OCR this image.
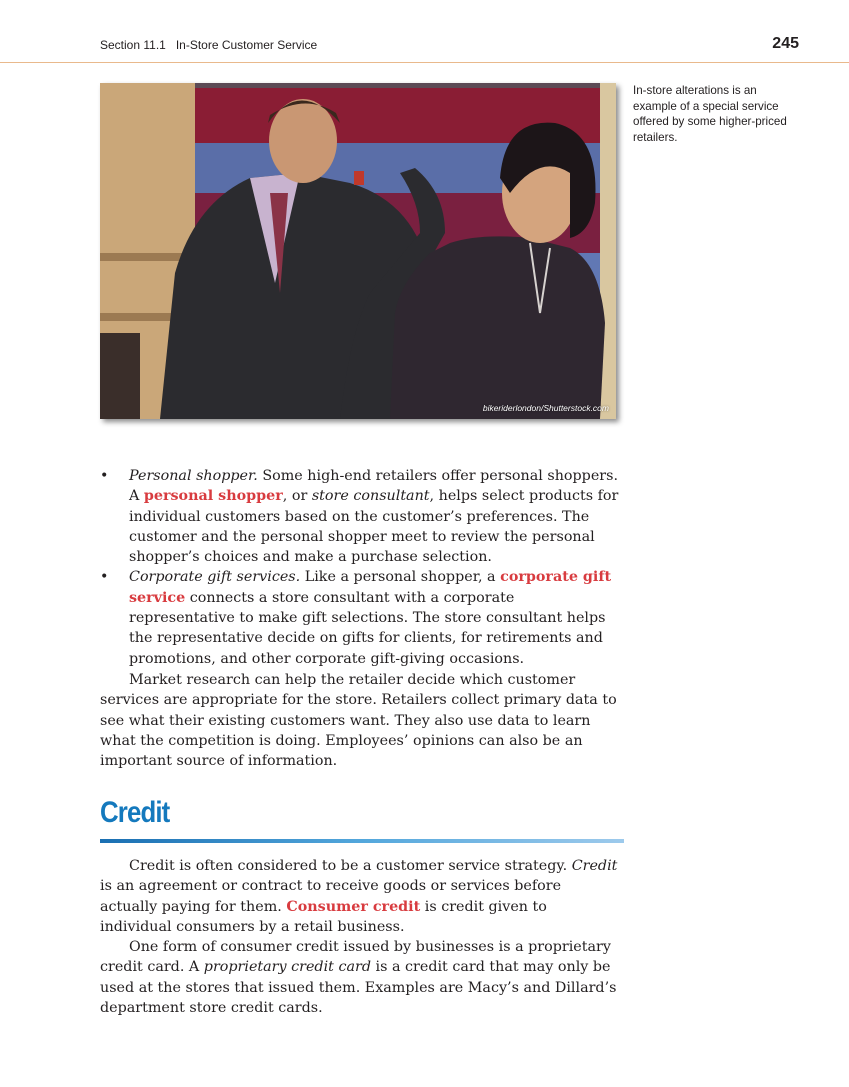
Section 11.1   In-Store Customer Service	245
bikeriderlondon/Shutterstock.com
In-store alterations is an example of a special service offered by some higher-priced retailers.
• Personal shopper. Some high-end retailers offer personal shoppers. A personal shopper, or store consultant, helps select products for individual customers based on the customer’s preferences. The customer and the personal shopper meet to review the personal shopper’s choices and make a purchase selection.
• Corporate gift services. Like a personal shopper, a corporate gift service connects a store consultant with a corporate representative to make gift selections. The store consultant helps the representative decide on gifts for clients, for retirements and promotions, and other corporate gift-giving occasions.

Market research can help the retailer decide which customer services are appropriate for the store. Retailers collect primary data to see what their existing customers want. They also use data to learn what the competition is doing. Employees’ opinions can also be an important source of information.

Credit

Credit is often considered to be a customer service strategy. Credit is an agreement or contract to receive goods or services before actually paying for them. Consumer credit is credit given to individual consumers by a retail business.

One form of consumer credit issued by businesses is a proprietary credit card. A proprietary credit card is a credit card that may only be used at the stores that issued them. Examples are Macy’s and Dillard’s department store credit cards.
